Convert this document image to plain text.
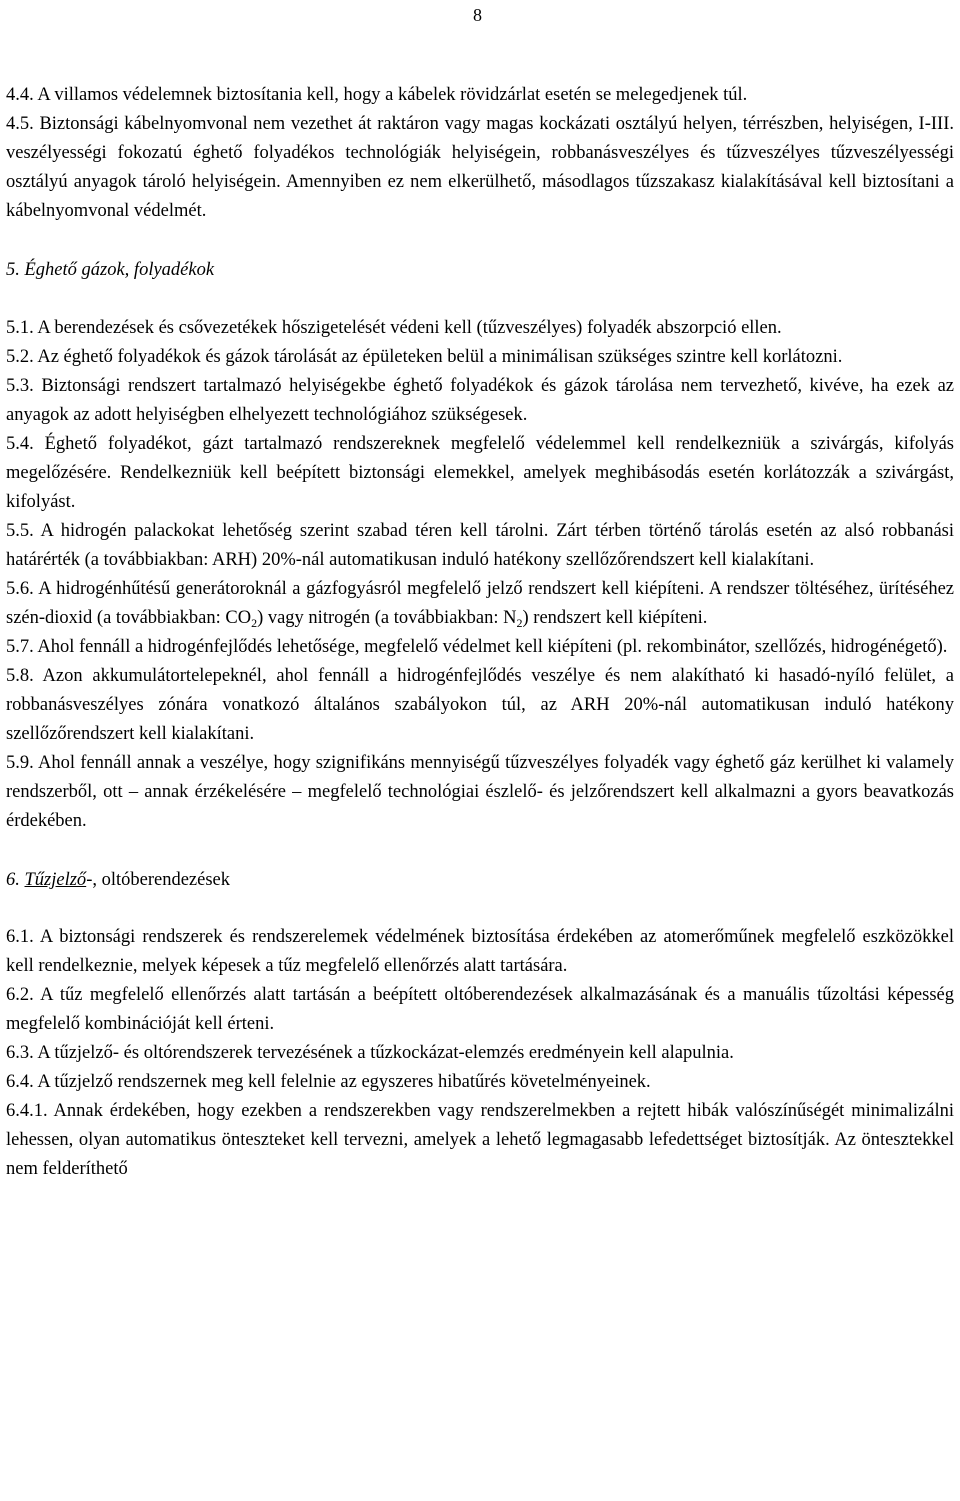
8

4.4. A villamos védelemnek biztosítania kell, hogy a kábelek rövidzárlat esetén se melegedjenek túl.

4.5. Biztonsági kábelnyomvonal nem vezethet át raktáron vagy magas kockázati osztályú helyen, térrészben, helyiségen, I-III. veszélyességi fokozatú éghető folyadékos technológiák helyiségein, robbanásveszélyes és tűzveszélyes tűzveszélyességi osztályú anyagok tároló helyiségein. Amennyiben ez nem elkerülhető, másodlagos tűzszakasz kialakításával kell biztosítani a kábelnyomvonal védelmét.

5. Éghető gázok, folyadékok

5.1. A berendezések és csővezetékek hőszigetelését védeni kell (tűzveszélyes) folyadék abszorpció ellen.

5.2. Az éghető folyadékok és gázok tárolását az épületeken belül a minimálisan szükséges szintre kell korlátozni.

5.3. Biztonsági rendszert tartalmazó helyiségekbe éghető folyadékok és gázok tárolása nem tervezhető, kivéve, ha ezek az anyagok az adott helyiségben elhelyezett technológiához szükségesek.

5.4. Éghető folyadékot, gázt tartalmazó rendszereknek megfelelő védelemmel kell rendelkezniük a szivárgás, kifolyás megelőzésére. Rendelkezniük kell beépített biztonsági elemekkel, amelyek meghibásodás esetén korlátozzák a szivárgást, kifolyást.

5.5. A hidrogén palackokat lehetőség szerint szabad téren kell tárolni. Zárt térben történő tárolás esetén az alsó robbanási határérték (a továbbiakban: ARH) 20%-nál automatikusan induló hatékony szellőzőrendszert kell kialakítani.

5.6. A hidrogénhűtésű generátoroknál a gázfogyásról megfelelő jelző rendszert kell kiépíteni. A rendszer töltéséhez, ürítéséhez szén-dioxid (a továbbiakban: $CO_2$) vagy nitrogén (a továbbiakban: $N_2$) rendszert kell kiépíteni.

5.7. Ahol fennáll a hidrogénfejlődés lehetősége, megfelelő védelmet kell kiépíteni (pl. rekombinátor, szellőzés, hidrogénégető).

5.8. Azon akkumulátortelepeknél, ahol fennáll a hidrogénfejlődés veszélye és nem alakítható ki hasadó-nyíló felület, a robbanásveszélyes zónára vonatkozó általános szabályokon túl, az ARH 20%-nál automatikusan induló hatékony szellőzőrendszert kell kialakítani.

5.9. Ahol fennáll annak a veszélye, hogy szignifikáns mennyiségű tűzveszélyes folyadék vagy éghető gáz kerülhet ki valamely rendszerből, ott – annak érzékelésére – megfelelő technológiai észlelő- és jelzőrendszert kell alkalmazni a gyors beavatkozás érdekében.

6. Tűzjelző-, oltóberendezések

6.1. A biztonsági rendszerek és rendszerelemek védelmének biztosítása érdekében az atomerőműnek megfelelő eszközökkel kell rendelkeznie, melyek képesek a tűz megfelelő ellenőrzés alatt tartására.

6.2. A tűz megfelelő ellenőrzés alatt tartásán a beépített oltóberendezések alkalmazásának és a manuális tűzoltási képesség megfelelő kombinációját kell érteni.

6.3. A tűzjelző- és oltórendszerek tervezésének a tűzkockázat-elemzés eredményein kell alapulnia.

6.4. A tűzjelző rendszernek meg kell felelnie az egyszeres hibatűrés követelményeinek.

6.4.1. Annak érdekében, hogy ezekben a rendszerekben vagy rendszerelmekben a rejtett hibák valószínűségét minimalizálni lehessen, olyan automatikus önteszteket kell tervezni, amelyek a lehető legmagasabb lefedettséget biztosítják. Az öntesztekkel nem felderíthető
